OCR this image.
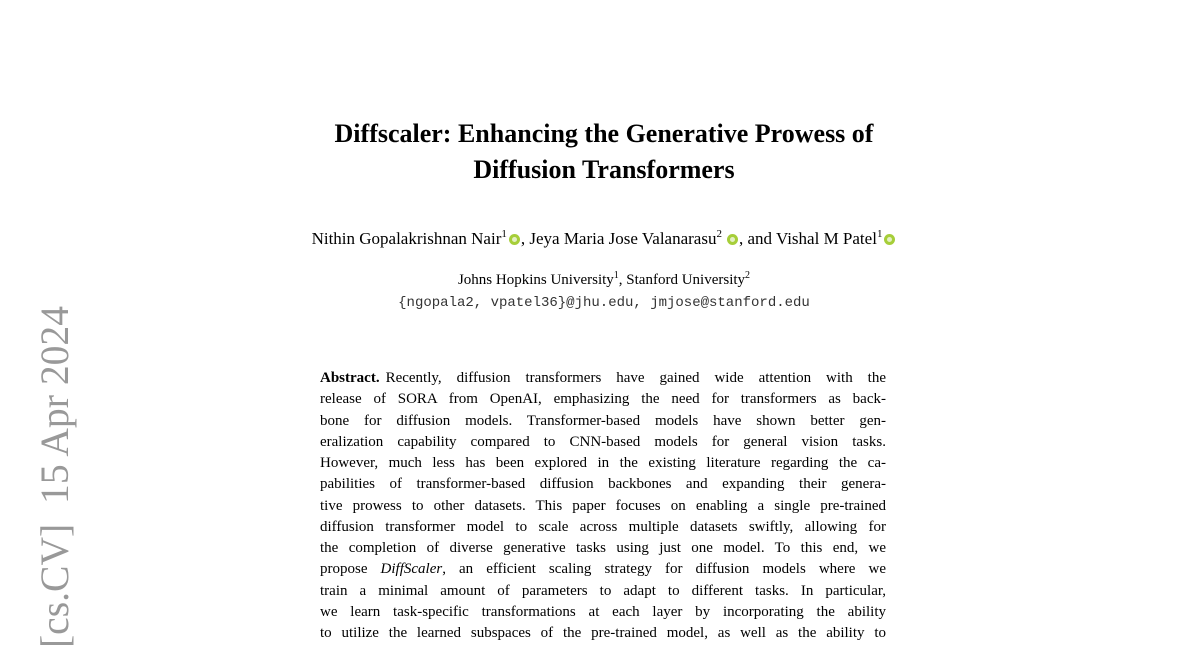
[cs.CV]  15 Apr 2024
Diffscaler: Enhancing the Generative Prowess of
Diffusion Transformers
Nithin Gopalakrishnan Nair$^1$ , Jeya Maria Jose Valanarasu$^2$ , and Vishal M Patel$^1$
Johns Hopkins University$^1$, Stanford University$^2$
{ngopala2, vpatel36}@jhu.edu, jmjose@stanford.edu
Abstract. Recently, diffusion transformers have gained wide attention with the
release of SORA from OpenAI, emphasizing the need for transformers as back-
bone for diffusion models. Transformer-based models have shown better gen-
eralization capability compared to CNN-based models for general vision tasks.
However, much less has been explored in the existing literature regarding the ca-
pabilities of transformer-based diffusion backbones and expanding their genera-
tive prowess to other datasets. This paper focuses on enabling a single pre-trained
diffusion transformer model to scale across multiple datasets swiftly, allowing for
the completion of diverse generative tasks using just one model. To this end, we
propose DiffScaler, an efficient scaling strategy for diffusion models where we
train a minimal amount of parameters to adapt to different tasks. In particular,
we learn task-specific transformations at each layer by incorporating the ability
to utilize the learned subspaces of the pre-trained model, as well as the ability to
